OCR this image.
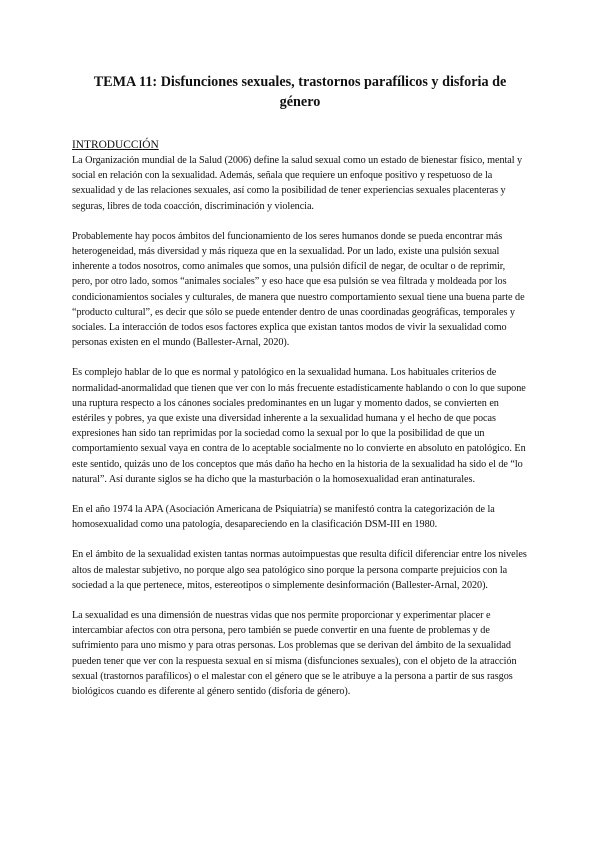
TEMA 11: Disfunciones sexuales, trastornos parafílicos y disforia de género
INTRODUCCIÓN

La Organización mundial de la Salud (2006) define la salud sexual como un estado de bienestar físico, mental y social en relación con la sexualidad. Además, señala que requiere un enfoque positivo y respetuoso de la sexualidad y de las relaciones sexuales, así como la posibilidad de tener experiencias sexuales placenteras y seguras, libres de toda coacción, discriminación y violencia.

Probablemente hay pocos ámbitos del funcionamiento de los seres humanos donde se pueda encontrar más heterogeneidad, más diversidad y más riqueza que en la sexualidad. Por un lado, existe una pulsión sexual inherente a todos nosotros, como animales que somos, una pulsión difícil de negar, de ocultar o de reprimir, pero, por otro lado, somos “animales sociales” y eso hace que esa pulsión se vea filtrada y moldeada por los condicionamientos sociales y culturales, de manera que nuestro comportamiento sexual tiene una buena parte de “producto cultural”, es decir que sólo se puede entender dentro de unas coordinadas geográficas, temporales y sociales. La interacción de todos esos factores explica que existan tantos modos de vivir la sexualidad como personas existen en el mundo (Ballester-Arnal, 2020).

Es complejo hablar de lo que es normal y patológico en la sexualidad humana. Los habituales criterios de normalidad-anormalidad que tienen que ver con lo más frecuente estadísticamente hablando o con lo que supone una ruptura respecto a los cánones sociales predominantes en un lugar y momento dados, se convierten en estériles y pobres, ya que existe una diversidad inherente a la sexualidad humana y el hecho de que pocas expresiones han sido tan reprimidas por la sociedad como la sexual por lo que la posibilidad de que un comportamiento sexual vaya en contra de lo aceptable socialmente no lo convierte en absoluto en patológico. En este sentido, quizás uno de los conceptos que más daño ha hecho en la historia de la sexualidad ha sido el de “lo natural”. Así durante siglos se ha dicho que la masturbación o la homosexualidad eran antinaturales.

En el año 1974 la APA (Asociación Americana de Psiquiatría) se manifestó contra la categorización de la homosexualidad como una patología, desapareciendo en la clasificación DSM-III en 1980.

En el ámbito de la sexualidad existen tantas normas autoimpuestas que resulta difícil diferenciar entre los niveles altos de malestar subjetivo, no porque algo sea patológico sino porque la persona comparte prejuicios con la sociedad a la que pertenece, mitos, estereotipos o simplemente desinformación (Ballester-Arnal, 2020).

La sexualidad es una dimensión de nuestras vidas que nos permite proporcionar y experimentar placer e intercambiar afectos con otra persona, pero también se puede convertir en una fuente de problemas y de sufrimiento para uno mismo y para otras personas. Los problemas que se derivan del ámbito de la sexualidad pueden tener que ver con la respuesta sexual en sí misma (disfunciones sexuales), con el objeto de la atracción sexual (trastornos parafílicos) o el malestar con el género que se le atribuye a la persona a partir de sus rasgos biológicos cuando es diferente al género sentido (disforia de género).
